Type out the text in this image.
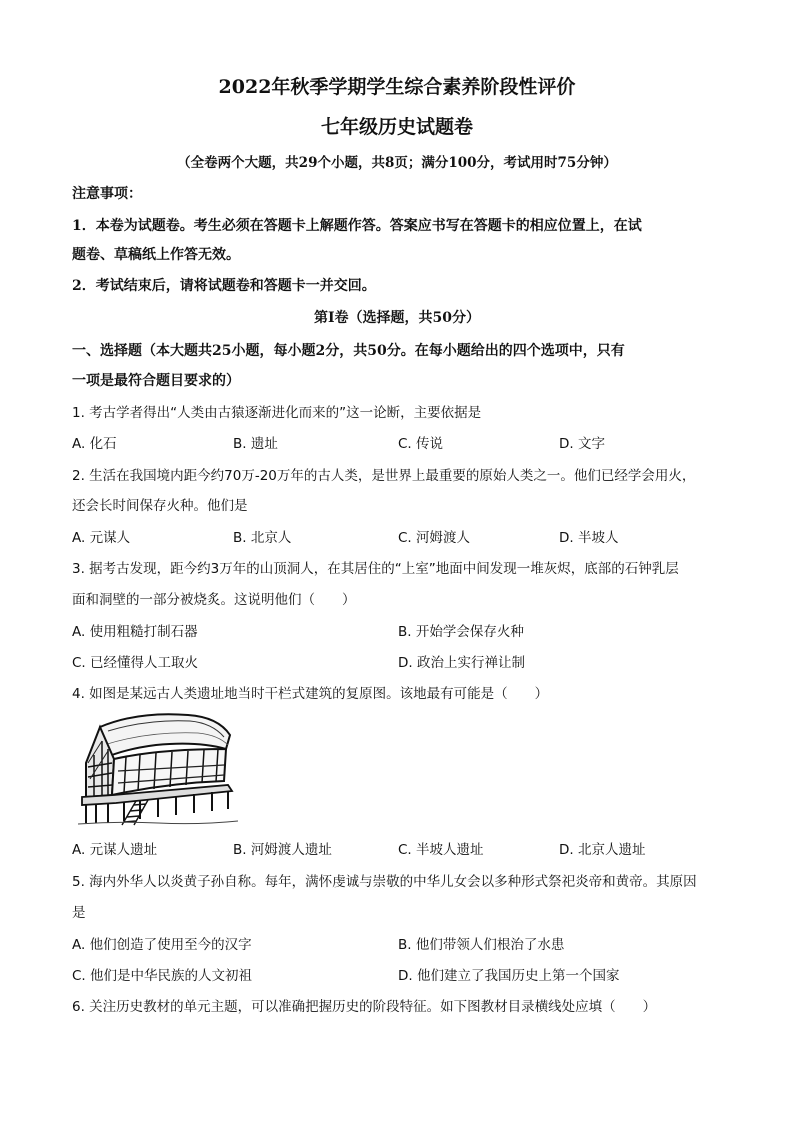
2022年秋季学期学生综合素养阶段性评价
七年级历史试题卷
（全卷两个大题，共29个小题，共8页；满分100分，考试用时75分钟）
注意事项：
1．本卷为试题卷。考生必须在答题卡上解题作答。答案应书写在答题卡的相应位置上，在试
题卷、草稿纸上作答无效。
2．考试结束后，请将试题卷和答题卡一并交回。
第Ⅰ卷（选择题，共50分）
一、选择题（本大题共25小题，每小题2分，共50分。在每小题给出的四个选项中，只有
一项是最符合题目要求的）
1. 考古学者得出“人类由古猿逐渐进化而来的”这一论断，主要依据是
A. 化石	B. 遗址	C. 传说	D. 文字
2. 生活在我国境内距今约70万-20万年的古人类，是世界上最重要的原始人类之一。他们已经学会用火，
还会长时间保存火种。他们是
A. 元谋人	B. 北京人	C. 河姆渡人	D. 半坡人
3. 据考古发现，距今约3万年的山顶洞人，在其居住的“上室”地面中间发现一堆灰烬，底部的石钟乳层
面和洞壁的一部分被烧炙。这说明他们（　　）
A. 使用粗糙打制石器	B. 开始学会保存火种
C. 已经懂得人工取火	D. 政治上实行禅让制
4. 如图是某远古人类遗址地当时干栏式建筑的复原图。该地最有可能是（　　）
A. 元谋人遗址	B. 河姆渡人遗址	C. 半坡人遗址	D. 北京人遗址
5. 海内外华人以炎黄子孙自称。每年，满怀虔诚与崇敬的中华儿女会以多种形式祭祀炎帝和黄帝。其原因
是
A. 他们创造了使用至今的汉字	B. 他们带领人们根治了水患
C. 他们是中华民族的人文初祖	D. 他们建立了我国历史上第一个国家
6. 关注历史教材的单元主题，可以准确把握历史的阶段特征。如下图教材目录横线处应填（　　）
